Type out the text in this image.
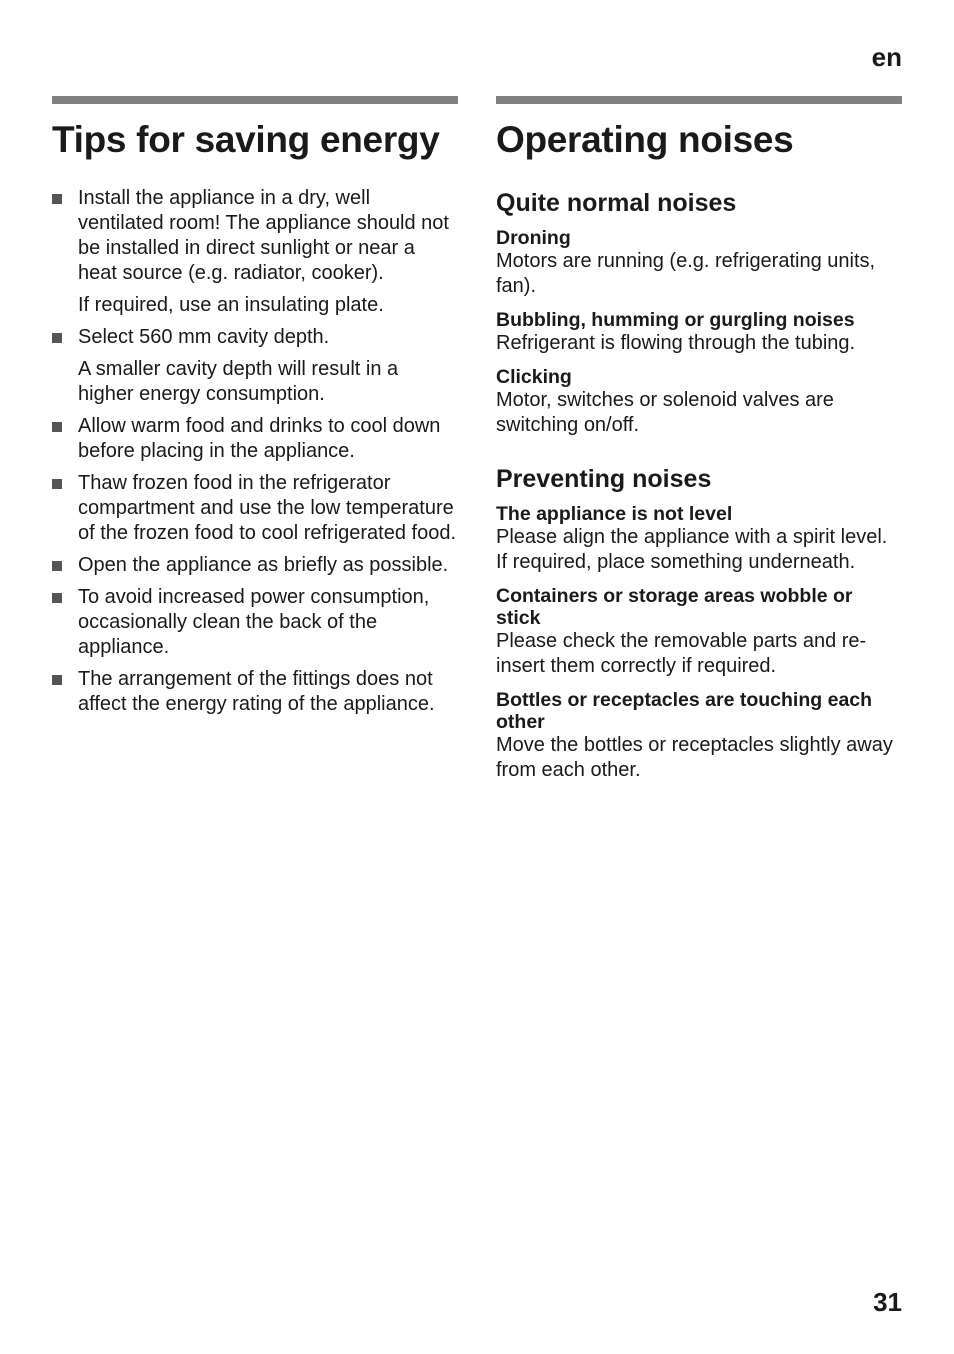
en
Tips for saving energy
Install the appliance in a dry, well ventilated room! The appliance should not be installed in direct sunlight or near a heat source (e.g. radiator, cooker).
If required, use an insulating plate.
Select 560 mm cavity depth.
A smaller cavity depth will result in a higher energy consumption.
Allow warm food and drinks to cool down before placing in the appliance.
Thaw frozen food in the refrigerator compartment and use the low temperature of the frozen food to cool refrigerated food.
Open the appliance as briefly as possible.
To avoid increased power consumption, occasionally clean the back of the appliance.
The arrangement of the fittings does not affect the energy rating of the appliance.
Operating noises
Quite normal noises
Droning
Motors are running (e.g. refrigerating units, fan).
Bubbling, humming or gurgling noises
Refrigerant is flowing through the tubing.
Clicking
Motor, switches or solenoid valves are switching on/off.
Preventing noises
The appliance is not level
Please align the appliance with a spirit level. If required, place something underneath.
Containers or storage areas wobble or stick
Please check the removable parts and re-insert them correctly if required.
Bottles or receptacles are touching each other
Move the bottles or receptacles slightly away from each other.
31
